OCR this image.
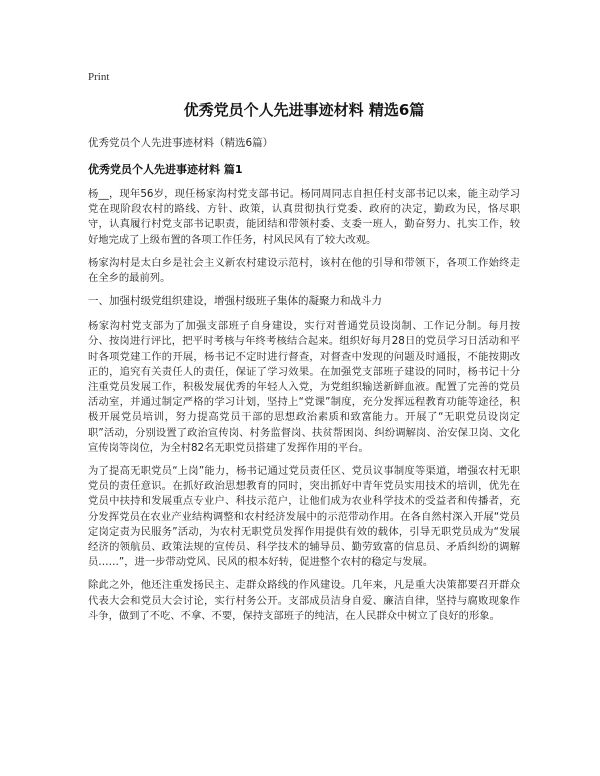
Print
优秀党员个人先进事迹材料 精选6篇
优秀党员个人先进事迹材料（精选6篇）
优秀党员个人先进事迹材料 篇1

杨__，现年56岁，现任杨家沟村党支部书记。杨同周同志自担任村支部书记以来，能主动学习党在现阶段农村的路线、方针、政策，认真贯彻执行党委、政府的决定，勤政为民，恪尽职守，认真履行村党支部书记职责，能团结和带领村委、支委一班人，勤奋努力、扎实工作，较好地完成了上级布置的各项工作任务，村风民风有了较大改观。

杨家沟村是太白乡是社会主义新农村建设示范村，该村在他的引导和带领下，各项工作始终走在全乡的最前列。

一、加强村级党组织建设，增强村级班子集体的凝聚力和战斗力

杨家沟村党支部为了加强支部班子自身建设，实行对普通党员设岗制、工作记分制。每月按分、按岗进行评比，把平时考核与年终考核结合起来。组织好每月28日的党员学习日活动和平时各项党建工作的开展，杨书记不定时进行督查，对督查中发现的问题及时通报，不能按期改正的，追究有关责任人的责任，保证了学习效果。在加强党支部班子建设的同时，杨书记十分注重党员发展工作，积极发展优秀的年轻人入党，为党组织输送新鲜血液。配置了完善的党员活动室，并通过制定严格的学习计划，坚持上“党课”制度，充分发挥远程教育功能等途径，积极开展党员培训，努力提高党员干部的思想政治素质和致富能力。开展了“无职党员设岗定职”活动，分别设置了政治宣传岗、村务监督岗、扶贫帮困岗、纠纷调解岗、治安保卫岗、文化宣传岗等岗位，为全村82名无职党员搭建了发挥作用的平台。

为了提高无职党员“上岗”能力，杨书记通过党员责任区、党员议事制度等渠道，增强农村无职党员的责任意识。在抓好政治思想教育的同时，突出抓好中青年党员实用技术的培训，优先在党员中扶持和发展重点专业户、科技示范户，让他们成为农业科学技术的受益者和传播者，充分发挥党员在农业产业结构调整和农村经济发展中的示范带动作用。在各自然村深入开展“党员定岗定责为民服务”活动，为农村无职党员发挥作用提供有效的载体，引导无职党员成为“发展经济的领航员、政策法规的宣传员、科学技术的辅导员、勤劳致富的信息员、矛盾纠纷的调解员……”，进一步带动党风、民风的根本好转，促进整个农村的稳定与发展。

除此之外，他还注重发扬民主、走群众路线的作风建设。几年来，凡是重大决策都要召开群众代表大会和党员大会讨论，实行村务公开。支部成员洁身自爱、廉洁自律，坚持与腐败现象作斗争，做到了不吃、不拿、不要，保持支部班子的纯洁，在人民群众中树立了良好的形象。
